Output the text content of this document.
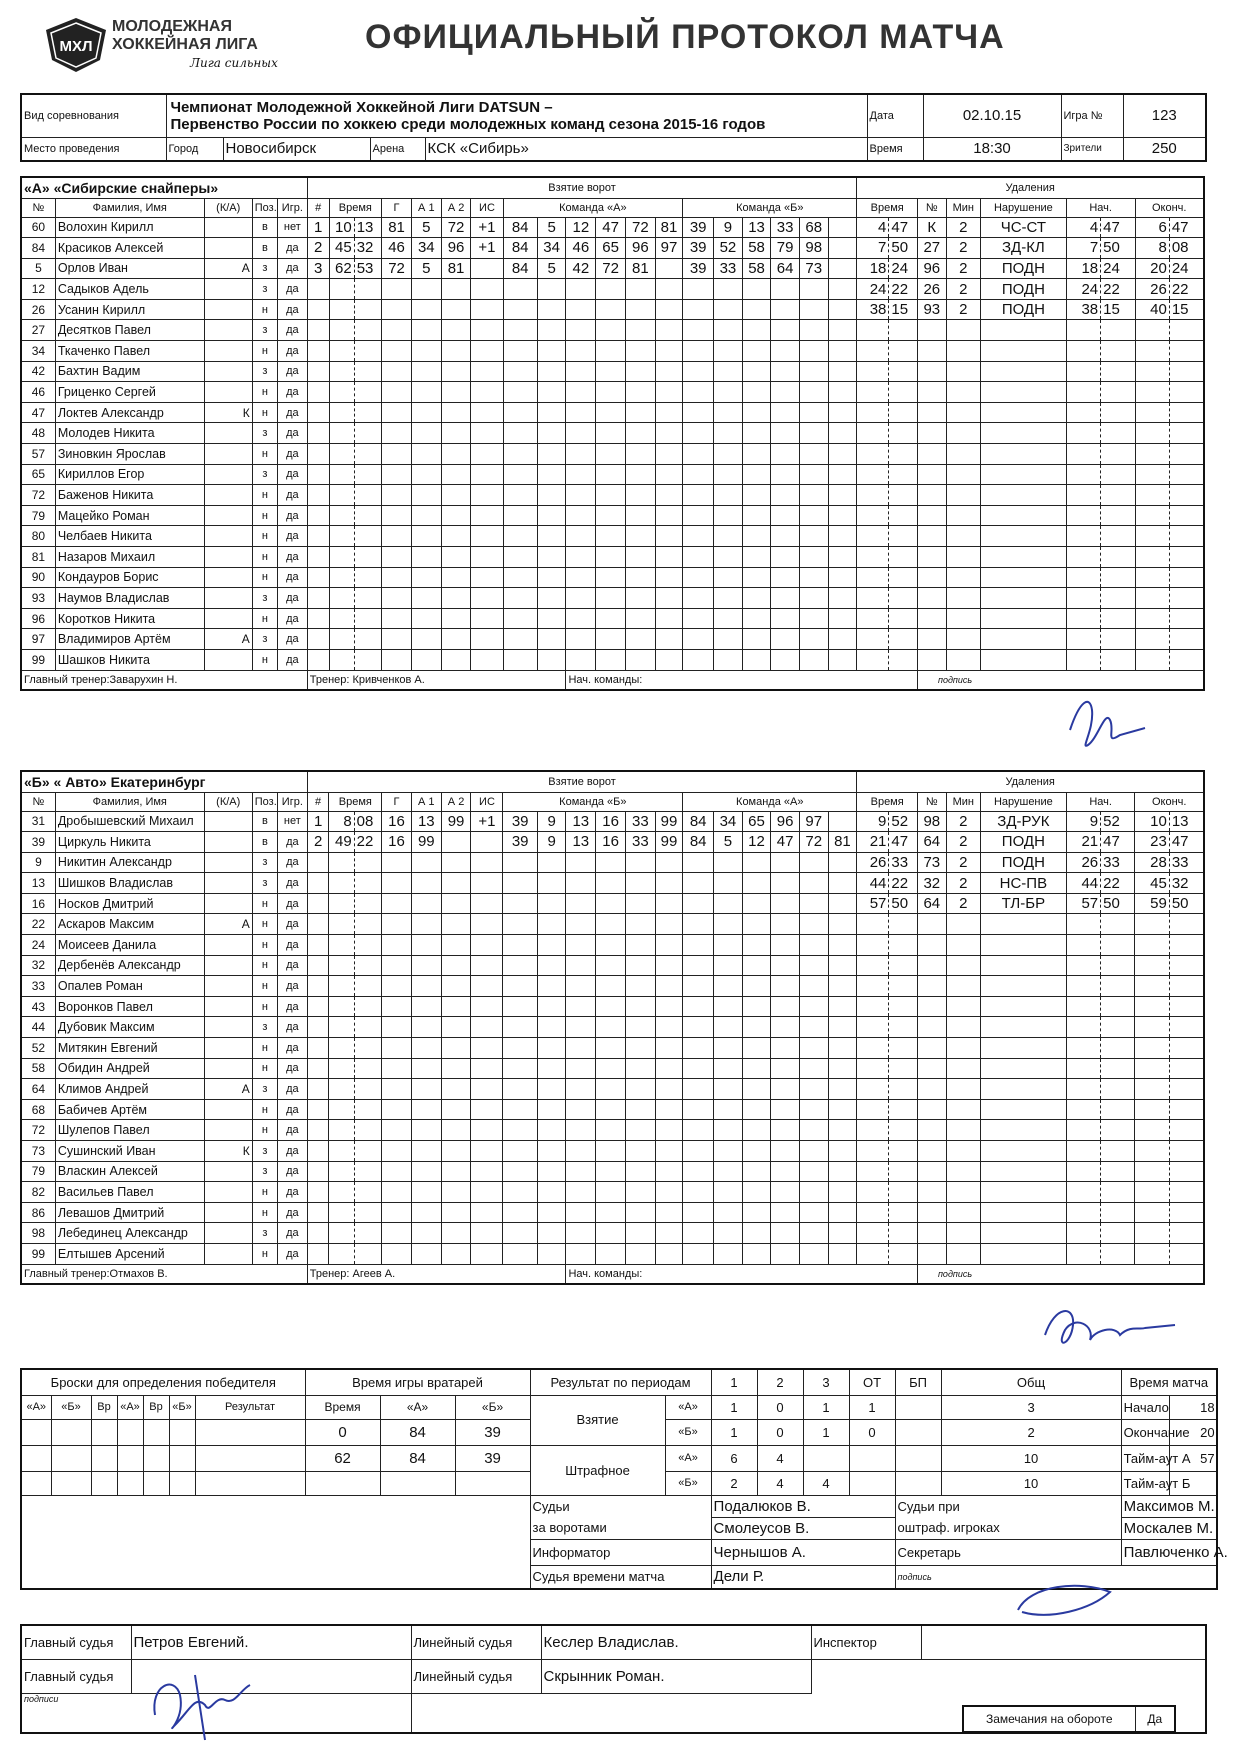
МХЛ
МОЛОДЕЖНАЯ
ХОККЕЙНАЯ ЛИГА
Лига сильных
ОФИЦИАЛЬНЫЙ ПРОТОКОЛ МАТЧА
Вид соревнования	Чемпионат Молодежной Хоккейной Лиги DATSUN –
Первенство России по хоккею среди молодежных команд сезона 2015-16 годов				Дата	02.10.15	Игра №	123
Место проведения	Город	Новосибирск	Арена	КСК «Сибирь»	Время	18:30	Зрители	250
«А» «Сибирские снайперы»					Взятие ворот																			Удаления								
№	Фамилия, Имя	(К/А)	Поз.	Игр.	#	Время		Г	А 1	А 2	ИС	Команда «А»						Команда «Б»						Время		№	Мин	Нарушение	Нач.		Оконч.	
60	Волохин Кирилл		в	нет	1	10	13	81	5	72	+1	84	5	12	47	72	81	39	9	13	33	68		4	47	К	2	ЧС-СТ	4	47	6	47
84	Красиков Алексей		в	да	2	45	32	46	34	96	+1	84	34	46	65	96	97	39	52	58	79	98		7	50	27	2	ЗД-КЛ	7	50	8	08
5	Орлов Иван	А	з	да	3	62	53	72	5	81		84	5	42	72	81		39	33	58	64	73		18	24	96	2	ПОДН	18	24	20	24
12	Садыков Адель		з	да																				24	22	26	2	ПОДН	24	22	26	22
26	Усанин Кирилл		н	да																				38	15	93	2	ПОДН	38	15	40	15
27	Десятков Павел		з	да																												
34	Ткаченко Павел		н	да																												
42	Бахтин Вадим		з	да																												
46	Гриценко Сергей		н	да																												
47	Локтев Александр	К	н	да																												
48	Молодев Никита		з	да																												
57	Зиновкин Ярослав		н	да																												
65	Кириллов Егор		з	да																												
72	Баженов Никита		н	да																												
79	Мацейко Роман		н	да																												
80	Челбаев Никита		н	да																												
81	Назаров Михаил		н	да																												
90	Кондауров Борис		н	да																												
93	Наумов Владислав		з	да																												
96	Коротков Никита		н	да																												
97	Владимиров Артём	А	з	да																												
99	Шашков Никита		н	да																												
Главный тренер:Заварухин Н.					Тренер: Кривченков А.									Нач. команды:												подпись						
«Б» « Авто» Екатеринбург					Взятие ворот																			Удаления								
№	Фамилия, Имя	(К/А)	Поз.	Игр.	#	Время		Г	А 1	А 2	ИС	Команда «Б»						Команда «А»						Время		№	Мин	Нарушение	Нач.		Оконч.	
31	Дробышевский Михаил		в	нет	1	8	08	16	13	99	+1	39	9	13	16	33	99	84	34	65	96	97		9	52	98	2	ЗД-РУК	9	52	10	13
39	Циркуль Никита		в	да	2	49	22	16	99			39	9	13	16	33	99	84	5	12	47	72	81	21	47	64	2	ПОДН	21	47	23	47
9	Никитин Александр		з	да																				26	33	73	2	ПОДН	26	33	28	33
13	Шишков Владислав		з	да																				44	22	32	2	НС-ПВ	44	22	45	32
16	Носков Дмитрий		н	да																				57	50	64	2	ТЛ-БР	57	50	59	50
22	Аскаров Максим	А	н	да																												
24	Моисеев Данила		н	да																												
32	Дербенёв Александр		н	да																												
33	Опалев Роман		н	да																												
43	Воронков Павел		н	да																												
44	Дубовик Максим		з	да																												
52	Митякин Евгений		н	да																												
58	Обидин Андрей		н	да																												
64	Климов Андрей	А	з	да																												
68	Бабичев Артём		н	да																												
72	Шулепов Павел		н	да																												
73	Сушинский Иван	К	з	да																												
79	Власкин Алексей		з	да																												
82	Васильев Павел		н	да																												
86	Левашов Дмитрий		н	да																												
98	Лебединец Александр		з	да																												
99	Елтышев Арсений		н	да																												
Главный тренер:Отмахов В.					Тренер: Агеев А.									Нач. команды:												подпись						
Броски для определения победителя							Время игры вратарей			Результат по периодам		1	2	3	ОТ	БП	Общ	Время матча		
«А»	«Б»	Вр	«А»	Вр	«Б»	Результат	Время	«А»	«Б»	Взятие	«А»	1	0	1	1		3	Начало	18	
							0	84	39		«Б»	1	0	1	0		2	Окончание	20	
							62	84	39	Штрафное	«А»	6	4				10	Тайм-аут А	57	
											«Б»	2	4	4			10	Тайм-аут Б		
										Судьи		Подалюков В.				Судьи при		Максимов М.		
										за воротами		Смолеусов В.				оштраф. игроках		Москалев М.		
										Информатор		Чернышов А.				Секретарь		Павлюченко А.		
										Судья времени матча		Дели Р.				подпись				
Главный судья	Петров Евгений.	Линейный судья	Кеслер Владислав.	Инспектор	
Главный судья		Линейный судья	Скрынник Роман.		
подписи					
Замечания на обороте	Да
